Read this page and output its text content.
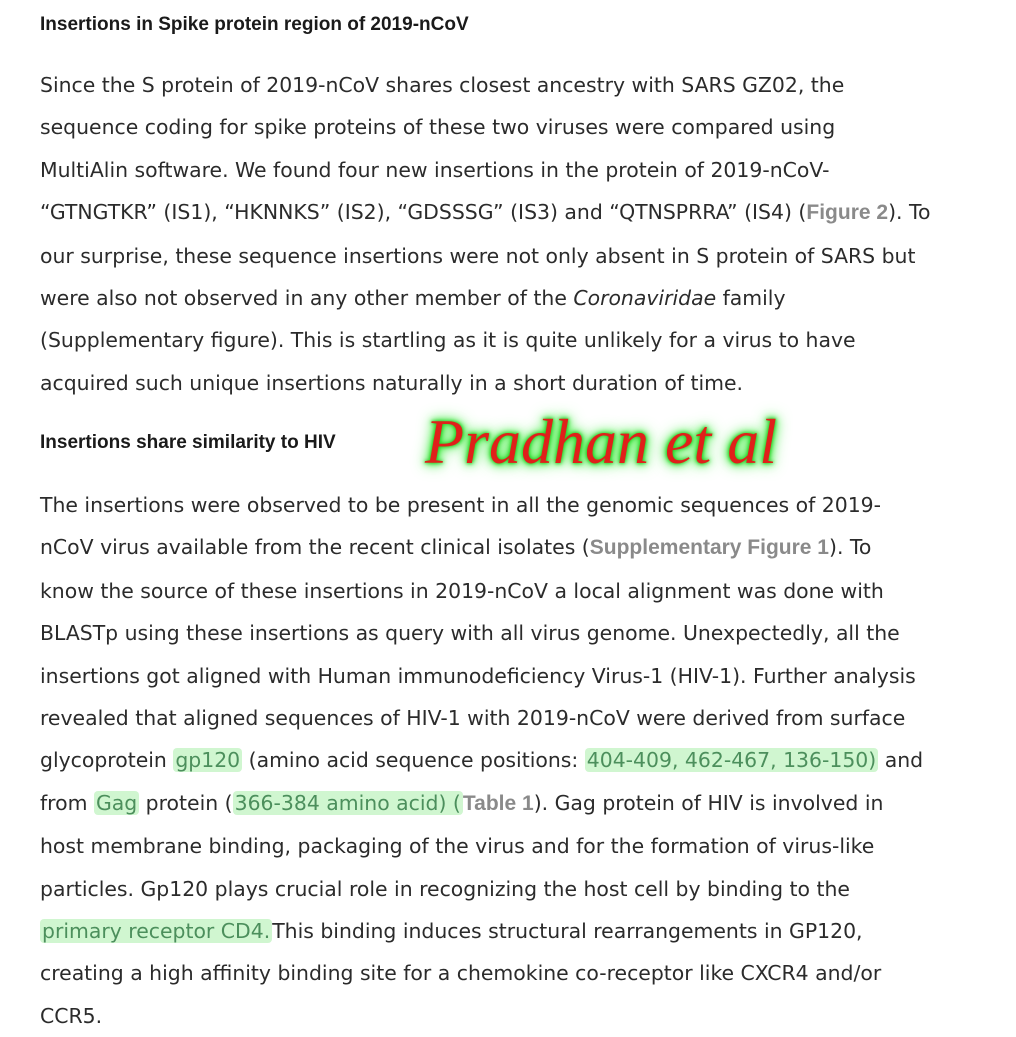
Insertions in Spike protein region of 2019-nCoV

Since the S protein of 2019-nCoV shares closest ancestry with SARS GZ02, the
sequence coding for spike proteins of these two viruses were compared using
MultiAlin software. We found four new insertions in the protein of 2019-nCoV-
“GTNGTKR” (IS1), “HKNNKS” (IS2), “GDSSSG” (IS3) and “QTNSPRRA” (IS4) (Figure 2). To
our surprise, these sequence insertions were not only absent in S protein of SARS but
were also not observed in any other member of the Coronaviridae family
(Supplementary figure). This is startling as it is quite unlikely for a virus to have
acquired such unique insertions naturally in a short duration of time.

Insertions share similarity to HIV Pradhan et al

The insertions were observed to be present in all the genomic sequences of 2019-
nCoV virus available from the recent clinical isolates (Supplementary Figure 1). To
know the source of these insertions in 2019-nCoV a local alignment was done with
BLASTp using these insertions as query with all virus genome. Unexpectedly, all the
insertions got aligned with Human immunodeficiency Virus-1 (HIV-1). Further analysis
revealed that aligned sequences of HIV-1 with 2019-nCoV were derived from surface
glycoprotein gp120 (amino acid sequence positions: 404-409, 462-467, 136-150) and
from Gag protein (366-384 amino acid) (Table 1). Gag protein of HIV is involved in
host membrane binding, packaging of the virus and for the formation of virus-like
particles. Gp120 plays crucial role in recognizing the host cell by binding to the
primary receptor CD4.This binding induces structural rearrangements in GP120,
creating a high affinity binding site for a chemokine co-receptor like CXCR4 and/or
CCR5.
